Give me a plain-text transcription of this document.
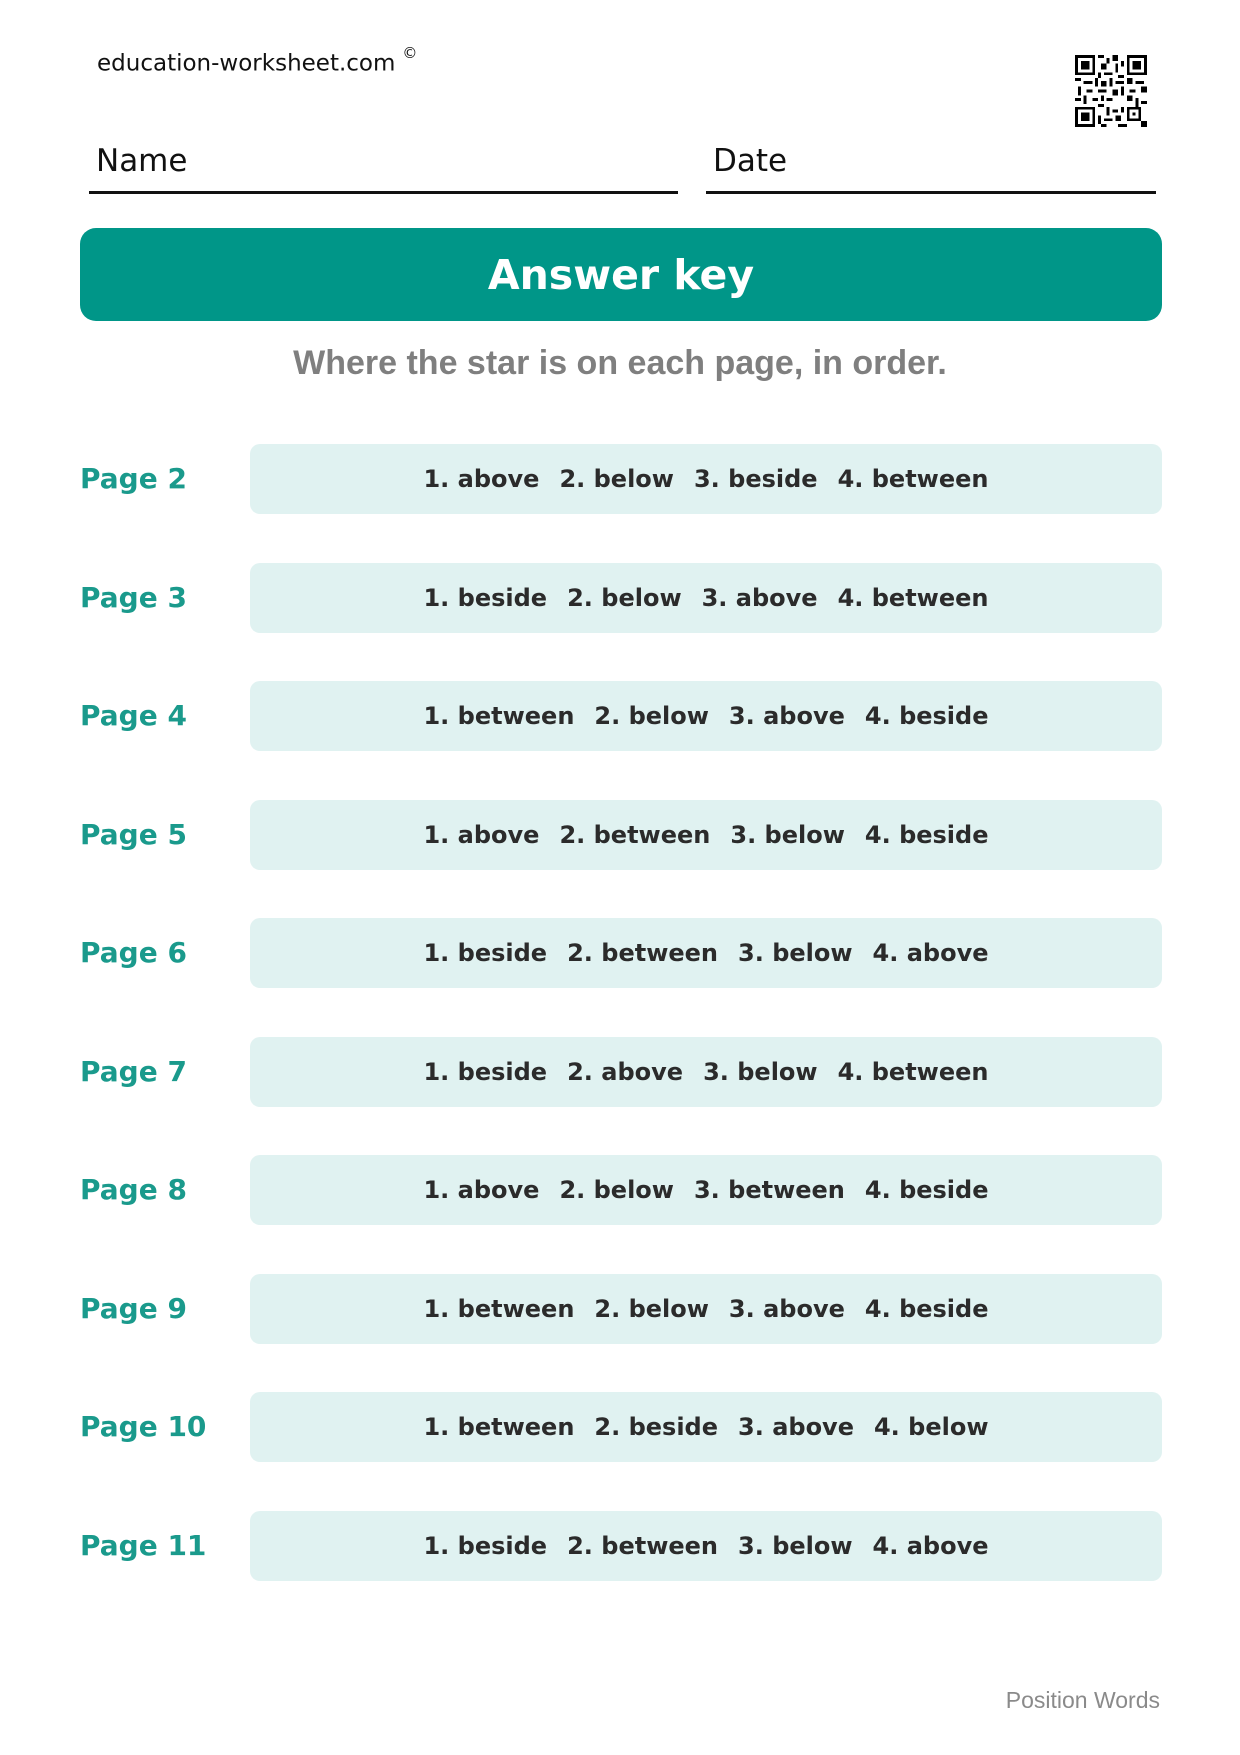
education-worksheet.com ©
Name	Date
Answer key
Where the star is on each page, in order.
Page 2	1. above 2. below 3. beside 4. between
Page 3	1. beside 2. below 3. above 4. between
Page 4	1. between 2. below 3. above 4. beside
Page 5	1. above 2. between 3. below 4. beside
Page 6	1. beside 2. between 3. below 4. above
Page 7	1. beside 2. above 3. below 4. between
Page 8	1. above 2. below 3. between 4. beside
Page 9	1. between 2. below 3. above 4. beside
Page 10	1. between 2. beside 3. above 4. below
Page 11	1. beside 2. between 3. below 4. above
Position Words
